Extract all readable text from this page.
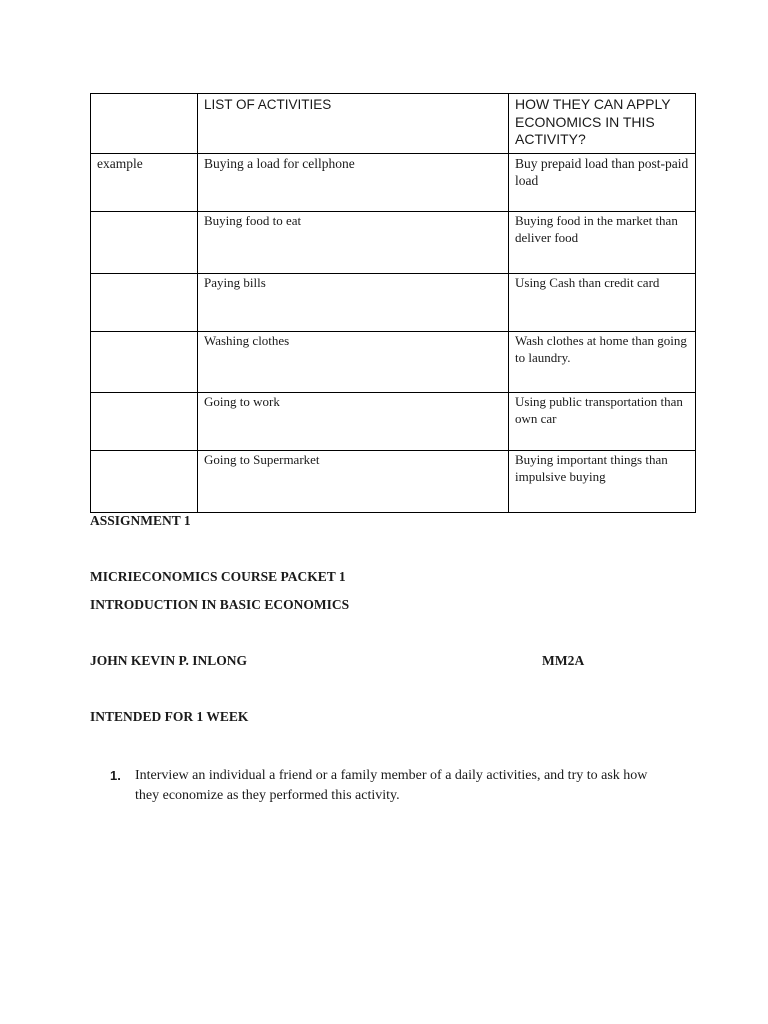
	LIST OF ACTIVITIES	HOW THEY CAN APPLY ECONOMICS IN THIS ACTIVITY?
example	Buying a load for cellphone	Buy prepaid load than post-paid load
	Buying food to eat	Buying food in the market than deliver food
	Paying bills	Using Cash than credit card
	Washing clothes	Wash clothes at home than going to laundry.
	Going to work	Using public transportation than own car
	Going to Supermarket	Buying important things than impulsive buying
ASSIGNMENT 1
MICRIECONOMICS COURSE PACKET 1
INTRODUCTION IN BASIC ECONOMICS
JOHN KEVIN P. INLONG	MM2A
INTENDED FOR 1 WEEK
1. Interview an individual a friend or a family member of a daily activities, and try to ask how they economize as they performed this activity.
